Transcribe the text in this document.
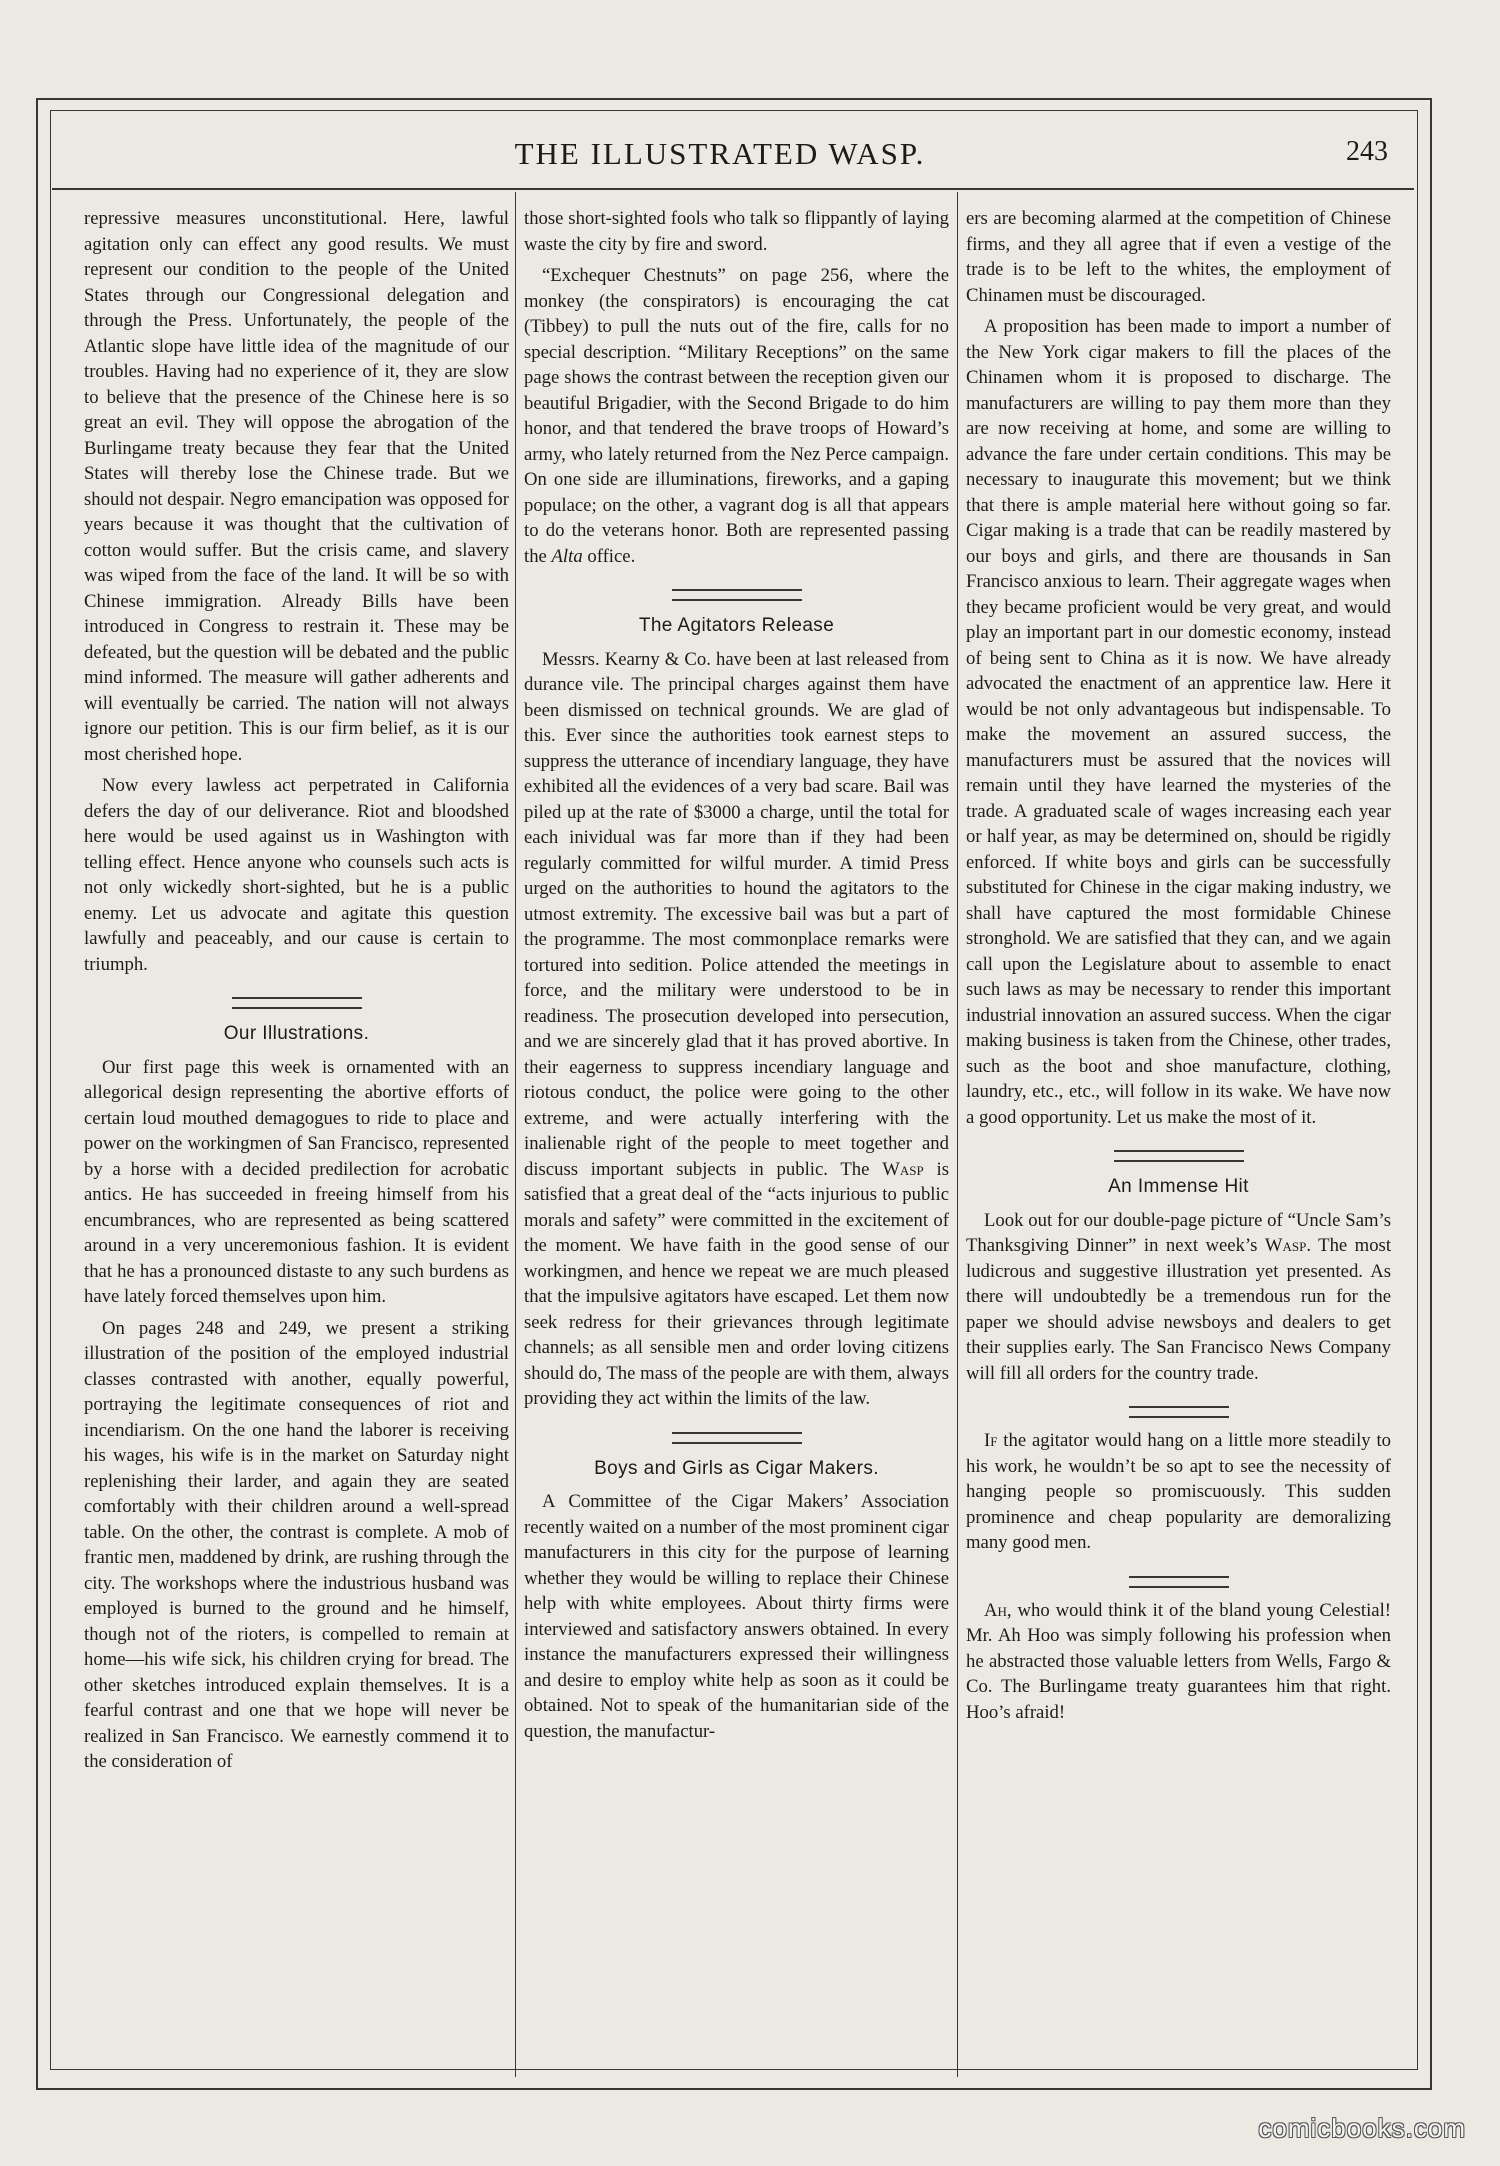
THE ILLUSTRATED WASP.	243

repressive measures unconstitutional. Here, lawful agitation only can effect any good results. We must represent our condition to the people of the United States through our Congressional delegation and through the Press. Unfortunately, the people of the Atlantic slope have little idea of the magnitude of our troubles. Having had no experience of it, they are slow to believe that the presence of the Chinese here is so great an evil. They will oppose the abrogation of the Burlingame treaty because they fear that the United States will thereby lose the Chinese trade. But we should not despair. Negro emancipation was opposed for years because it was thought that the cultivation of cotton would suffer. But the crisis came, and slavery was wiped from the face of the land. It will be so with Chinese immigration. Already Bills have been introduced in Congress to restrain it. These may be defeated, but the question will be debated and the public mind informed. The measure will gather adherents and will eventually be carried. The nation will not always ignore our petition. This is our firm belief, as it is our most cherished hope.

Now every lawless act perpetrated in California defers the day of our deliverance. Riot and bloodshed here would be used against us in Washington with telling effect. Hence anyone who counsels such acts is not only wickedly short-sighted, but he is a public enemy. Let us advocate and agitate this question lawfully and peaceably, and our cause is certain to triumph.

Our Illustrations.

Our first page this week is ornamented with an allegorical design representing the abortive efforts of certain loud mouthed demagogues to ride to place and power on the workingmen of San Francisco, represented by a horse with a decided predilection for acrobatic antics. He has succeeded in freeing himself from his encumbrances, who are represented as being scattered around in a very unceremonious fashion. It is evident that he has a pronounced distaste to any such burdens as have lately forced themselves upon him.

On pages 248 and 249, we present a striking illustration of the position of the employed industrial classes contrasted with another, equally powerful, portraying the legitimate consequences of riot and incendiarism. On the one hand the laborer is receiving his wages, his wife is in the market on Saturday night replenishing their larder, and again they are seated comfortably with their children around a well-spread table. On the other, the contrast is complete. A mob of frantic men, maddened by drink, are rushing through the city. The workshops where the industrious husband was employed is burned to the ground and he himself, though not of the rioters, is compelled to remain at home—his wife sick, his children crying for bread. The other sketches introduced explain themselves. It is a fearful contrast and one that we hope will never be realized in San Francisco. We earnestly commend it to the consideration of

those short-sighted fools who talk so flippantly of laying waste the city by fire and sword.

“Exchequer Chestnuts” on page 256, where the monkey (the conspirators) is encouraging the cat (Tibbey) to pull the nuts out of the fire, calls for no special description. “Military Receptions” on the same page shows the contrast between the reception given our beautiful Brigadier, with the Second Brigade to do him honor, and that tendered the brave troops of Howard’s army, who lately returned from the Nez Perce campaign. On one side are illuminations, fireworks, and a gaping populace; on the other, a vagrant dog is all that appears to do the veterans honor. Both are represented passing the Alta office.

The Agitators Release

Messrs. Kearny & Co. have been at last released from durance vile. The principal charges against them have been dismissed on technical grounds. We are glad of this. Ever since the authorities took earnest steps to suppress the utterance of incendiary language, they have exhibited all the evidences of a very bad scare. Bail was piled up at the rate of $3000 a charge, until the total for each inividual was far more than if they had been regularly committed for wilful murder. A timid Press urged on the authorities to hound the agitators to the utmost extremity. The excessive bail was but a part of the programme. The most commonplace remarks were tortured into sedition. Police attended the meetings in force, and the military were understood to be in readiness. The prosecution developed into persecution, and we are sincerely glad that it has proved abortive. In their eagerness to suppress incendiary language and riotous conduct, the police were going to the other extreme, and were actually interfering with the inalienable right of the people to meet together and discuss important subjects in public. The Wasp is satisfied that a great deal of the “acts injurious to public morals and safety” were committed in the excitement of the moment. We have faith in the good sense of our workingmen, and hence we repeat we are much pleased that the impulsive agitators have escaped. Let them now seek redress for their grievances through legitimate channels; as all sensible men and order loving citizens should do, The mass of the people are with them, always providing they act within the limits of the law.

Boys and Girls as Cigar Makers.

A Committee of the Cigar Makers’ Association recently waited on a number of the most prominent cigar manufacturers in this city for the purpose of learning whether they would be willing to replace their Chinese help with white employees. About thirty firms were interviewed and satisfactory answers obtained. In every instance the manufacturers expressed their willingness and desire to employ white help as soon as it could be obtained. Not to speak of the humanitarian side of the question, the manufactur-

ers are becoming alarmed at the competition of Chinese firms, and they all agree that if even a vestige of the trade is to be left to the whites, the employment of Chinamen must be discouraged.

A proposition has been made to import a number of the New York cigar makers to fill the places of the Chinamen whom it is proposed to discharge. The manufacturers are willing to pay them more than they are now receiving at home, and some are willing to advance the fare under certain conditions. This may be necessary to inaugurate this movement; but we think that there is ample material here without going so far. Cigar making is a trade that can be readily mastered by our boys and girls, and there are thousands in San Francisco anxious to learn. Their aggregate wages when they became proficient would be very great, and would play an important part in our domestic economy, instead of being sent to China as it is now. We have already advocated the enactment of an apprentice law. Here it would be not only advantageous but indispensable. To make the movement an assured success, the manufacturers must be assured that the novices will remain until they have learned the mysteries of the trade. A graduated scale of wages increasing each year or half year, as may be determined on, should be rigidly enforced. If white boys and girls can be successfully substituted for Chinese in the cigar making industry, we shall have captured the most formidable Chinese stronghold. We are satisfied that they can, and we again call upon the Legislature about to assemble to enact such laws as may be necessary to render this important industrial innovation an assured success. When the cigar making business is taken from the Chinese, other trades, such as the boot and shoe manufacture, clothing, laundry, etc., etc., will follow in its wake. We have now a good opportunity. Let us make the most of it.

An Immense Hit

Look out for our double-page picture of “Uncle Sam’s Thanksgiving Dinner” in next week’s Wasp. The most ludicrous and suggestive illustration yet presented. As there will undoubtedly be a tremendous run for the paper we should advise newsboys and dealers to get their supplies early. The San Francisco News Company will fill all orders for the country trade.

If the agitator would hang on a little more steadily to his work, he wouldn’t be so apt to see the necessity of hanging people so promiscuously. This sudden prominence and cheap popularity are demoralizing many good men.

Ah, who would think it of the bland young Celestial! Mr. Ah Hoo was simply following his profession when he abstracted those valuable letters from Wells, Fargo & Co. The Burlingame treaty guarantees him that right. Hoo’s afraid!

comicbooks.com
